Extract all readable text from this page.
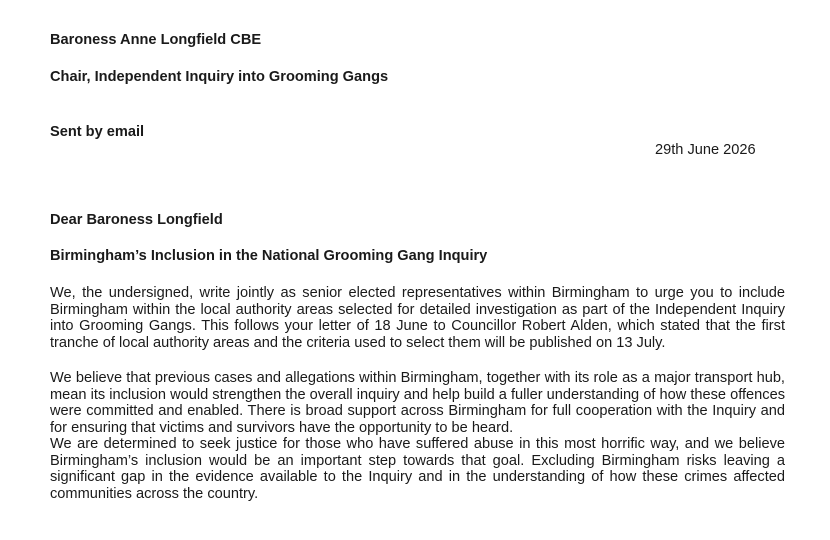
Baroness Anne Longfield CBE
Chair, Independent Inquiry into Grooming Gangs
Sent by email
29th June 2026
Dear Baroness Longfield
Birmingham’s Inclusion in the National Grooming Gang Inquiry

We, the undersigned, write jointly as senior elected representatives within Birmingham to urge you to include Birmingham within the local authority areas selected for detailed investigation as part of the Independent Inquiry into Grooming Gangs. This follows your letter of 18 June to Councillor Robert Alden, which stated that the first tranche of local authority areas and the criteria used to select them will be published on 13 July.

We believe that previous cases and allegations within Birmingham, together with its role as a major transport hub, mean its inclusion would strengthen the overall inquiry and help build a fuller understanding of how these offences were committed and enabled. There is broad support across Birmingham for full cooperation with the Inquiry and for ensuring that victims and survivors have the opportunity to be heard.
We are determined to seek justice for those who have suffered abuse in this most horrific way, and we believe Birmingham’s inclusion would be an important step towards that goal. Excluding Birmingham risks leaving a significant gap in the evidence available to the Inquiry and in the understanding of how these crimes affected communities across the country.
